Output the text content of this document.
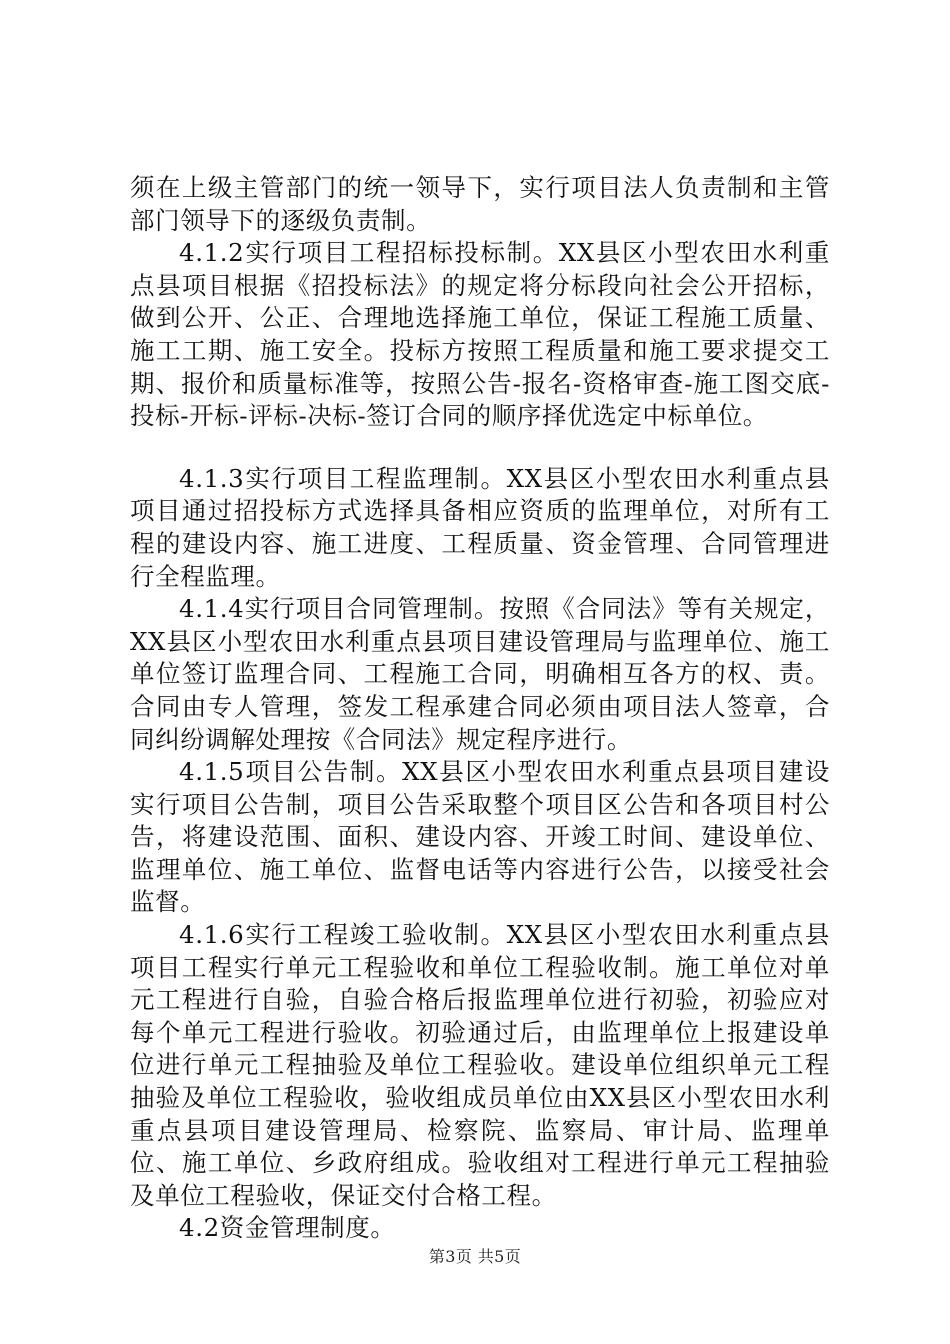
须在上级主管部门的统一领导下，实行项目法人负责制和主管部门领导下的逐级负责制。

4.1.2实行项目工程招标投标制。XX县区小型农田水利重点县项目根据《招投标法》的规定将分标段向社会公开招标，做到公开、公正、合理地选择施工单位，保证工程施工质量、施工工期、施工安全。投标方按照工程质量和施工要求提交工期、报价和质量标准等，按照公告-报名-资格审查-施工图交底-投标-开标-评标-决标-签订合同的顺序择优选定中标单位。

4.1.3实行项目工程监理制。XX县区小型农田水利重点县项目通过招投标方式选择具备相应资质的监理单位，对所有工程的建设内容、施工进度、工程质量、资金管理、合同管理进行全程监理。

4.1.4实行项目合同管理制。按照《合同法》等有关规定，XX县区小型农田水利重点县项目建设管理局与监理单位、施工单位签订监理合同、工程施工合同，明确相互各方的权、责。合同由专人管理，签发工程承建合同必须由项目法人签章，合同纠纷调解处理按《合同法》规定程序进行。

4.1.5项目公告制。XX县区小型农田水利重点县项目建设实行项目公告制，项目公告采取整个项目区公告和各项目村公告，将建设范围、面积、建设内容、开竣工时间、建设单位、监理单位、施工单位、监督电话等内容进行公告，以接受社会监督。

4.1.6实行工程竣工验收制。XX县区小型农田水利重点县项目工程实行单元工程验收和单位工程验收制。施工单位对单元工程进行自验，自验合格后报监理单位进行初验，初验应对每个单元工程进行验收。初验通过后，由监理单位上报建设单位进行单元工程抽验及单位工程验收。建设单位组织单元工程抽验及单位工程验收，验收组成员单位由XX县区小型农田水利重点县项目建设管理局、检察院、监察局、审计局、监理单位、施工单位、乡政府组成。验收组对工程进行单元工程抽验及单位工程验收，保证交付合格工程。

4.2资金管理制度。

第3页 共5页
